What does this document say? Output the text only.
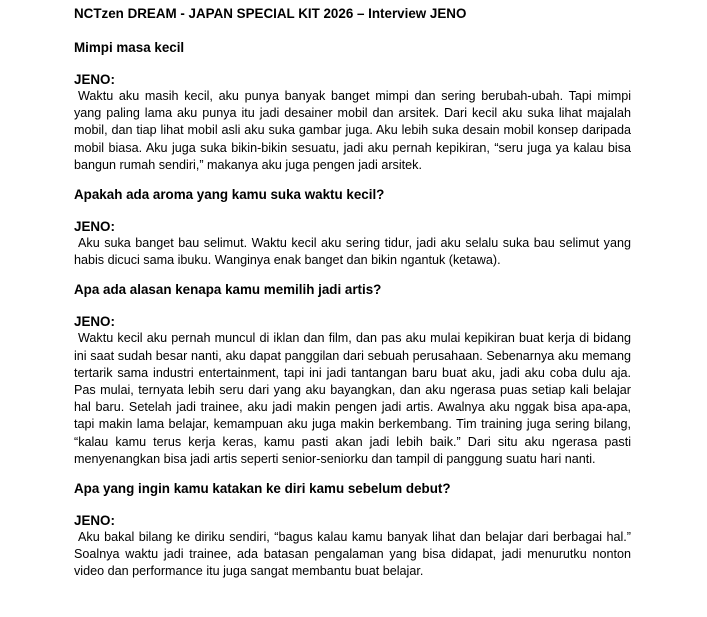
NCTzen DREAM - JAPAN SPECIAL KIT 2026 – Interview JENO
Mimpi masa kecil
JENO:
Waktu aku masih kecil, aku punya banyak banget mimpi dan sering berubah-ubah. Tapi mimpi yang paling lama aku punya itu jadi desainer mobil dan arsitek. Dari kecil aku suka lihat majalah mobil, dan tiap lihat mobil asli aku suka gambar juga. Aku lebih suka desain mobil konsep daripada mobil biasa. Aku juga suka bikin-bikin sesuatu, jadi aku pernah kepikiran, “seru juga ya kalau bisa bangun rumah sendiri,” makanya aku juga pengen jadi arsitek.
Apakah ada aroma yang kamu suka waktu kecil?
JENO:
Aku suka banget bau selimut. Waktu kecil aku sering tidur, jadi aku selalu suka bau selimut yang habis dicuci sama ibuku. Wanginya enak banget dan bikin ngantuk (ketawa).
Apa ada alasan kenapa kamu memilih jadi artis?
JENO:
Waktu kecil aku pernah muncul di iklan dan film, dan pas aku mulai kepikiran buat kerja di bidang ini saat sudah besar nanti, aku dapat panggilan dari sebuah perusahaan. Sebenarnya aku memang tertarik sama industri entertainment, tapi ini jadi tantangan baru buat aku, jadi aku coba dulu aja. Pas mulai, ternyata lebih seru dari yang aku bayangkan, dan aku ngerasa puas setiap kali belajar hal baru. Setelah jadi trainee, aku jadi makin pengen jadi artis. Awalnya aku nggak bisa apa-apa, tapi makin lama belajar, kemampuan aku juga makin berkembang. Tim training juga sering bilang, “kalau kamu terus kerja keras, kamu pasti akan jadi lebih baik.” Dari situ aku ngerasa pasti menyenangkan bisa jadi artis seperti senior-seniorku dan tampil di panggung suatu hari nanti.
Apa yang ingin kamu katakan ke diri kamu sebelum debut?
JENO:
Aku bakal bilang ke diriku sendiri, “bagus kalau kamu banyak lihat dan belajar dari berbagai hal.” Soalnya waktu jadi trainee, ada batasan pengalaman yang bisa didapat, jadi menurutku nonton video dan performance itu juga sangat membantu buat belajar.
